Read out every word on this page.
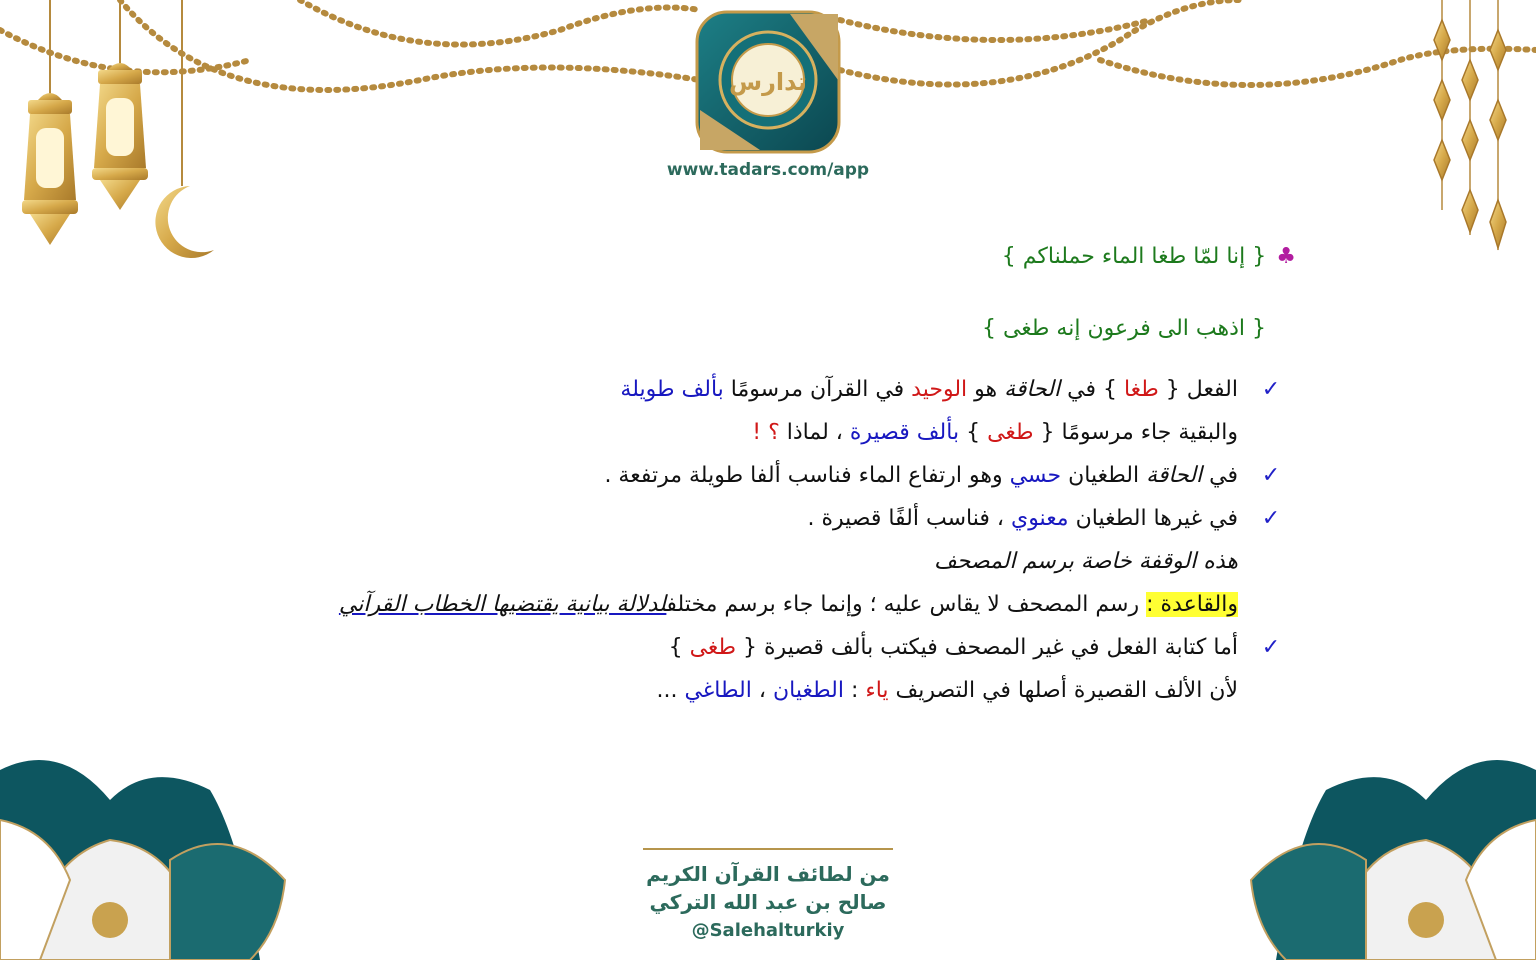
تدارس
www.tadars.com/app
♣{ إنا لمّا طغا الماء حملناكم }
{ اذهب الى فرعون إنه طغى }
✓
الفعل { طغا } في الحاقة هو الوحيد في القرآن مرسومًا بألف طويلة
والبقية جاء مرسومًا { طغى } بألف قصيرة ، لماذا ؟ !
✓
في الحاقة الطغيان حسي وهو ارتفاع الماء فناسب ألفا طويلة مرتفعة .
✓
في غيرها الطغيان معنوي ، فناسب ألفًا قصيرة .
هذه الوقفة خاصة برسم المصحف
والقاعدة : رسم المصحف لا يقاس عليه ؛ وإنما جاء برسم مختلفلدلالة بيانية يقتضيها الخطاب القرآني
✓
أما كتابة الفعل في غير المصحف فيكتب بألف قصيرة { طغى }
لأن الألف القصيرة أصلها في التصريف ياء : الطغيان ، الطاغي ...
من لطائف القرآن الكريم
صالح بن عبد الله التركي
@Salehalturkiy
